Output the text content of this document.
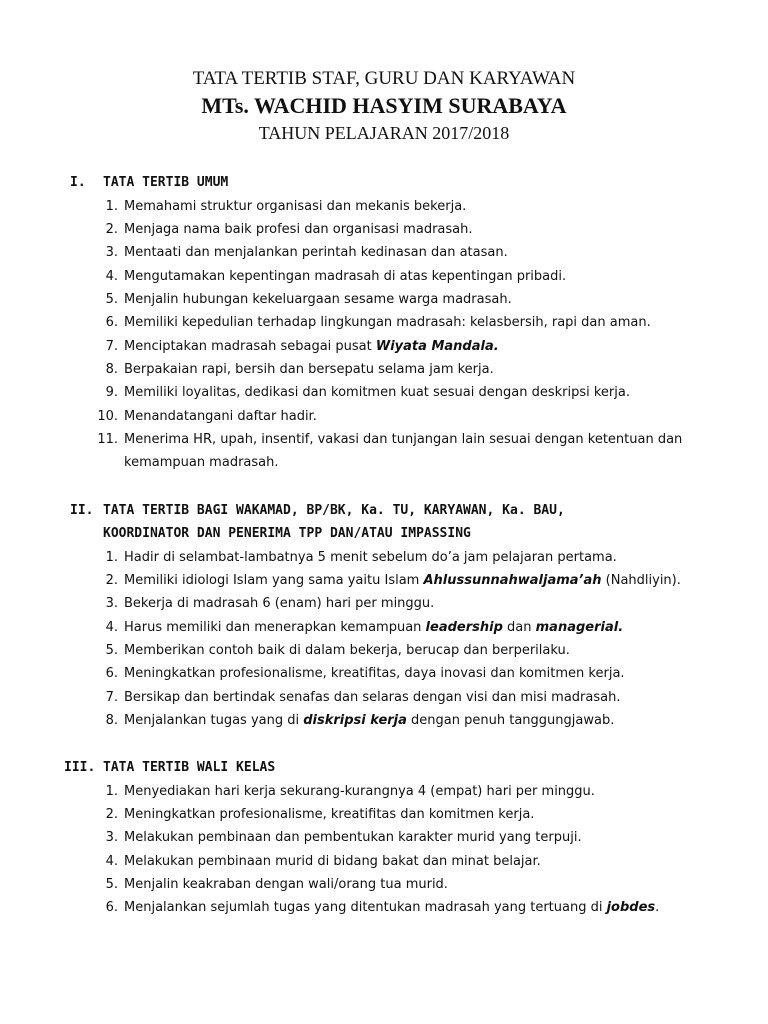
TATA TERTIB STAF, GURU DAN KARYAWAN
MTs. WACHID HASYIM SURABAYA
TAHUN PELAJARAN 2017/2018
I. TATA TERTIB UMUM
1. Memahami struktur organisasi dan mekanis bekerja.
2. Menjaga nama baik profesi dan organisasi madrasah.
3. Mentaati dan menjalankan perintah kedinasan dan atasan.
4. Mengutamakan kepentingan madrasah di atas kepentingan pribadi.
5. Menjalin hubungan kekeluargaan sesame warga madrasah.
6. Memiliki kepedulian terhadap lingkungan madrasah: kelasbersih, rapi dan aman.
7. Menciptakan madrasah sebagai pusat Wiyata Mandala.
8. Berpakaian rapi, bersih dan bersepatu selama jam kerja.
9. Memiliki loyalitas, dedikasi dan komitmen kuat sesuai dengan deskripsi kerja.
10. Menandatangani daftar hadir.
11. Menerima HR, upah, insentif, vakasi dan tunjangan lain sesuai dengan ketentuan dan kemampuan madrasah.
II. TATA TERTIB BAGI WAKAMAD, BP/BK, Ka. TU, KARYAWAN, Ka. BAU,
KOORDINATOR DAN PENERIMA TPP DAN/ATAU IMPASSING
1. Hadir di selambat-lambatnya 5 menit sebelum do’a jam pelajaran pertama.
2. Memiliki idiologi Islam yang sama yaitu Islam Ahlussunnahwaljama’ah (Nahdliyin).
3. Bekerja di madrasah 6 (enam) hari per minggu.
4. Harus memiliki dan menerapkan kemampuan leadership dan managerial.
5. Memberikan contoh baik di dalam bekerja, berucap dan berperilaku.
6. Meningkatkan profesionalisme, kreatifitas, daya inovasi dan komitmen kerja.
7. Bersikap dan bertindak senafas dan selaras dengan visi dan misi madrasah.
8. Menjalankan tugas yang di diskripsi kerja dengan penuh tanggungjawab.
III. TATA TERTIB WALI KELAS
1. Menyediakan hari kerja sekurang-kurangnya 4 (empat) hari per minggu.
2. Meningkatkan profesionalisme, kreatifitas dan komitmen kerja.
3. Melakukan pembinaan dan pembentukan karakter murid yang terpuji.
4. Melakukan pembinaan murid di bidang bakat dan minat belajar.
5. Menjalin keakraban dengan wali/orang tua murid.
6. Menjalankan sejumlah tugas yang ditentukan madrasah yang tertuang di jobdes.
